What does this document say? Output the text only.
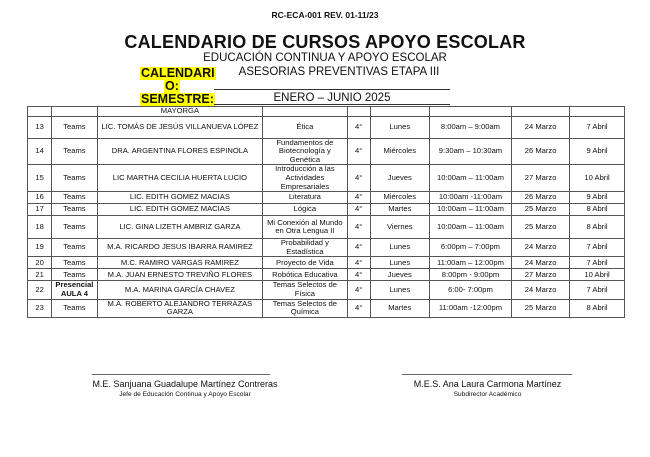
RC-ECA-001 REV. 01-11/23
CALENDARIO DE CURSOS APOYO ESCOLAR
EDUCACIÓN CONTINUA Y APOYO ESCOLAR
CALENDARI
O:
ASESORIAS PREVENTIVAS ETAPA III
SEMESTRE:	ENERO – JUNIO 2025
		MAYORGA						
13	Teams	LIC. TOMÁS DE JESÚS VILLANUEVA LÓPEZ	Ética	4°	Lunes	8:00am – 9:00am	24 Marzo	7 Abril
14	Teams	DRA. ARGENTINA FLORES ESPINOLA	Fundamentos de Biotecnología y Genética	4°	Miércoles	9:30am – 10:30am	26 Marzo	9 Abril
15	Teams	LIC MARTHA CECILIA HUERTA LUCIO	Introducción a las Actividades Empresariales	4°	Jueves	10:00am – 11:00am	27 Marzo	10 Abril
16	Teams	LIC. EDITH GOMEZ MACIAS	Literatura	4°	Miércoles	10:00am -11:00am	26 Marzo	9 Abril
17	Teams	LIC. EDITH GOMEZ MACIAS	Lógica	4°	Martes	10:00am – 11:00am	25 Marzo	8 Abril
18	Teams	LIC. GINA LIZETH AMBRIZ GARZA	Mi Conexión al Mundo en Otra Lengua II	4°	Viernes	10:00am – 11:00am	25 Marzo	8 Abril
19	Teams	M.A. RICARDO JESUS IBARRA RAMIREZ	Probabilidad y Estadística	4°	Lunes	6:00pm – 7:00pm	24 Marzo	7 Abril
20	Teams	M.C. RAMIRO VARGAS RAMIREZ	Proyecto de Vida	4°	Lunes	11:00am – 12:00pm	24 Marzo	7 Abril
21	Teams	M.A. JUAN ERNESTO TREVIÑO FLORES	Robótica Educativa	4°	Jueves	8:00pm - 9:00pm	27 Marzo	10 Abril
22	Presencial AULA 4	M.A. MARINA GARCÍA CHAVEZ	Temas Selectos de Física	4°	Lunes	6:00- 7:00pm	24 Marzo	7 Abril
23	Teams	M.A. ROBERTO ALEJANDRO TERRAZAS GARZA	Temas Selectos de Química	4°	Martes	11:00am -12:00pm	25 Marzo	8 Abril
M.E. Sanjuana Guadalupe Martínez Contreras
Jefe de Educación Continua y Apoyo Escolar
M.E.S. Ana Laura Carmona Martínez
Subdirector Académico
